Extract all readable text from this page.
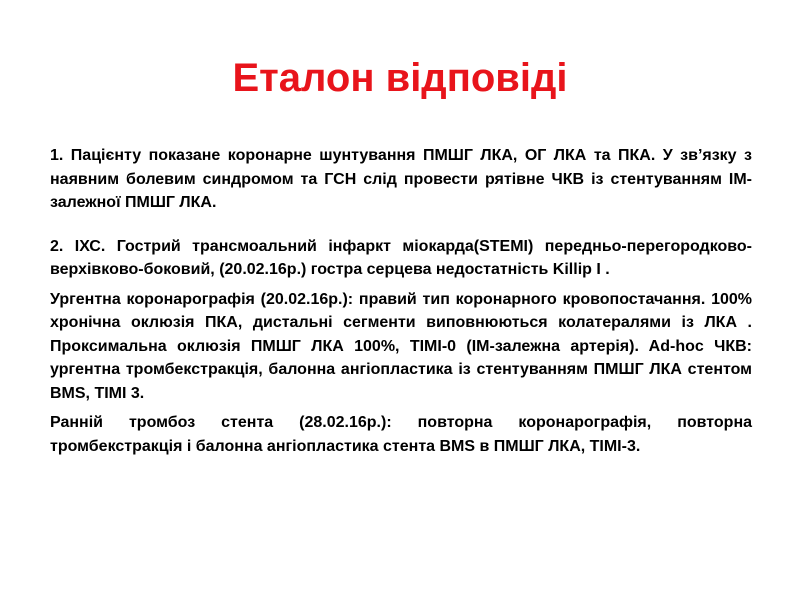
Еталон відповіді

1. Пацієнту показане коронарне шунтування ПМШГ ЛКА, ОГ ЛКА та ПКА. У зв’язку з наявним болевим синдромом та ГСН слід провести рятівне ЧКВ із стентуванням ІМ-залежної ПМШГ ЛКА.

2. ІХС. Гострий трансмоальний інфаркт міокарда(STEMI) передньо-перегородково-верхівково-боковий, (20.02.16р.) гостра серцева недостатність Killip I .

Ургентна коронарографія (20.02.16р.): правий тип коронарного кровопостачання. 100% хронічна оклюзія ПКА, дистальні сегменти виповнюються колатералями із ЛКА . Проксимальна оклюзія ПМШГ ЛКА 100%, TIMI-0 (ІМ-залежна артерія). Ad-hoc ЧКВ: ургентна тромбекстракція, балонна ангіопластика із стентуванням ПМШГ ЛКА стентом BMS, TIMI 3.

Ранній тромбоз стента (28.02.16р.): повторна коронарографія, повторна тромбекстракція і балонна ангіопластика стента BMS в ПМШГ ЛКА, TIMI-3.
